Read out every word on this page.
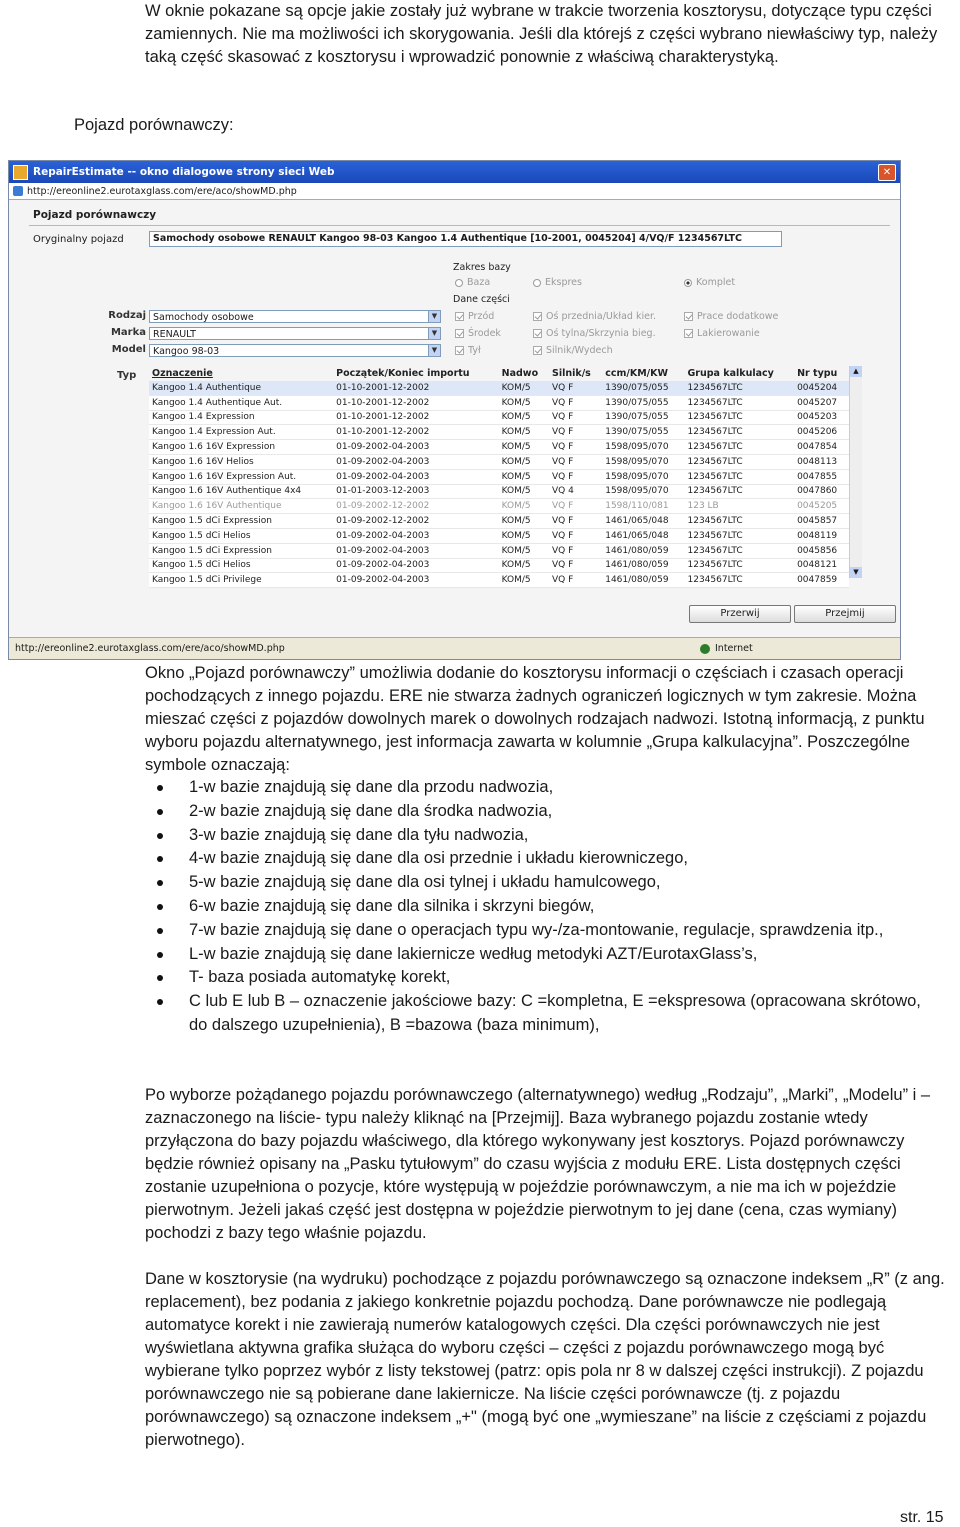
W oknie pokazane są opcje jakie zostały już wybrane w trakcie tworzenia kosztorysu, dotyczące typu części zamiennych. Nie ma możliwości ich skorygowania. Jeśli dla którejś z części wybrano niewłaściwy typ, należy taką część skasować z kosztorysu i wprowadzić ponownie z właściwą charakterystyką.

Pojazd porównawczy:
RepairEstimate -- okno dialogowe strony sieci Web	✕
http://ereonline2.eurotaxglass.com/ere/aco/showMD.php
Pojazd porównawczy
Oryginalny pojazd	Samochody osobowe RENAULT Kangoo 98-03 Kangoo 1.4 Authentique [10-2001, 0045204] 4/VQ/F 1234567LTC
Zakres bazy
Baza	Ekspres	Komplet
Dane części
Przód	Oś przednia/Układ kier.	Prace dodatkowe
Środek	Oś tylna/Skrzynia bieg.	Lakierowanie
Tył	Silnik/Wydech
Rodzaj Samochody osobowe	▼
Marka RENAULT	▼
Model Kangoo 98-03	▼
Typ Oznaczenie	Początek/Koniec importu	Nadwo	Silnik/s	ccm/KM/KW	Grupa kalkulacy	Nr typu
Kangoo 1.4 Authentique	01-10-2001-12-2002	KOM/5	VQ F	1390/075/055	1234567LTC	0045204
Kangoo 1.4 Authentique Aut.	01-10-2001-12-2002	KOM/5	VQ F	1390/075/055	1234567LTC	0045207
Kangoo 1.4 Expression	01-10-2001-12-2002	KOM/5	VQ F	1390/075/055	1234567LTC	0045203
Kangoo 1.4 Expression Aut.	01-10-2001-12-2002	KOM/5	VQ F	1390/075/055	1234567LTC	0045206
Kangoo 1.6 16V Expression	01-09-2002-04-2003	KOM/5	VQ F	1598/095/070	1234567LTC	0047854
Kangoo 1.6 16V Helios	01-09-2002-04-2003	KOM/5	VQ F	1598/095/070	1234567LTC	0048113
Kangoo 1.6 16V Expression Aut.	01-09-2002-04-2003	KOM/5	VQ F	1598/095/070	1234567LTC	0047855
Kangoo 1.6 16V Authentique 4x4	01-01-2003-12-2003	KOM/5	VQ 4	1598/095/070	1234567LTC	0047860
Kangoo 1.6 16V Authentique	01-09-2002-12-2002	KOM/5	VQ F	1598/110/081	123 LB	0045205
Kangoo 1.5 dCi Expression	01-09-2002-12-2002	KOM/5	VQ F	1461/065/048	1234567LTC	0045857
Kangoo 1.5 dCi Helios	01-09-2002-04-2003	KOM/5	VQ F	1461/065/048	1234567LTC	0048119
Kangoo 1.5 dCi Expression	01-09-2002-04-2003	KOM/5	VQ F	1461/080/059	1234567LTC	0045856
Kangoo 1.5 dCi Helios	01-09-2002-04-2003	KOM/5	VQ F	1461/080/059	1234567LTC	0048121
Kangoo 1.5 dCi Privilege	01-09-2002-04-2003	KOM/5	VQ F	1461/080/059	1234567LTC	0047859
▲
▼
Przerwij	Przejmij
http://ereonline2.eurotaxglass.com/ere/aco/showMD.php	Internet

Okno „Pojazd porównawczy” umożliwia dodanie do kosztorysu informacji o częściach i czasach operacji pochodzących z innego pojazdu. ERE nie stwarza żadnych ograniczeń logicznych w tym zakresie. Można mieszać części z pojazdów dowolnych marek o dowolnych rodzajach nadwozi. Istotną informacją, z punktu wyboru pojazdu alternatywnego, jest informacja zawarta w kolumnie „Grupa kalkulacyjna”. Poszczególne symbole oznaczają:

1-w bazie znajdują się dane dla przodu nadwozia,
2-w bazie znajdują się dane dla środka nadwozia,
3-w bazie znajdują się dane dla tyłu nadwozia,
4-w bazie znajdują się dane dla osi przednie i układu kierowniczego,
5-w bazie znajdują się dane dla osi tylnej i układu hamulcowego,
6-w bazie znajdują się dane dla silnika i skrzyni biegów,
7-w bazie znajdują się dane o operacjach typu wy-/za-montowanie, regulacje, sprawdzenia itp.,
L-w bazie znajdują się dane lakiernicze według metodyki AZT/EurotaxGlass’s,
T- baza posiada automatykę korekt,
C lub E lub B – oznaczenie jakościowe bazy: C =kompletna, E =ekspresowa (opracowana skrótowo, do dalszego uzupełnienia), B =bazowa (baza minimum),

Po wyborze pożądanego pojazdu porównawczego (alternatywnego) według „Rodzaju”, „Marki”, „Modelu” i –zaznaczonego na liście- typu należy kliknąć na [Przejmij]. Baza wybranego pojazdu zostanie wtedy przyłączona do bazy pojazdu właściwego, dla którego wykonywany jest kosztorys. Pojazd porównawczy będzie również opisany na „Pasku tytułowym” do czasu wyjścia z modułu ERE. Lista dostępnych części zostanie uzupełniona o pozycje, które występują w pojeździe porównawczym, a nie ma ich w pojeździe pierwotnym. Jeżeli jakaś część jest dostępna w pojeździe pierwotnym to jej dane (cena, czas wymiany) pochodzi z bazy tego właśnie pojazdu.

Dane w kosztorysie (na wydruku) pochodzące z pojazdu porównawczego są oznaczone indeksem „R” (z ang. replacement), bez podania z jakiego konkretnie pojazdu pochodzą. Dane porównawcze nie podlegają automatyce korekt i nie zawierają numerów katalogowych części. Dla części porównawczych nie jest wyświetlana aktywna grafika służąca do wyboru części – części z pojazdu porównawczego mogą być wybierane tylko poprzez wybór z listy tekstowej (patrz: opis pola nr 8 w dalszej części instrukcji). Z pojazdu porównawczego nie są pobierane dane lakiernicze. Na liście części porównawcze (tj. z pojazdu porównawczego) są oznaczone indeksem „+" (mogą być one „wymieszane” na liście z częściami z pojazdu pierwotnego).

str. 15
